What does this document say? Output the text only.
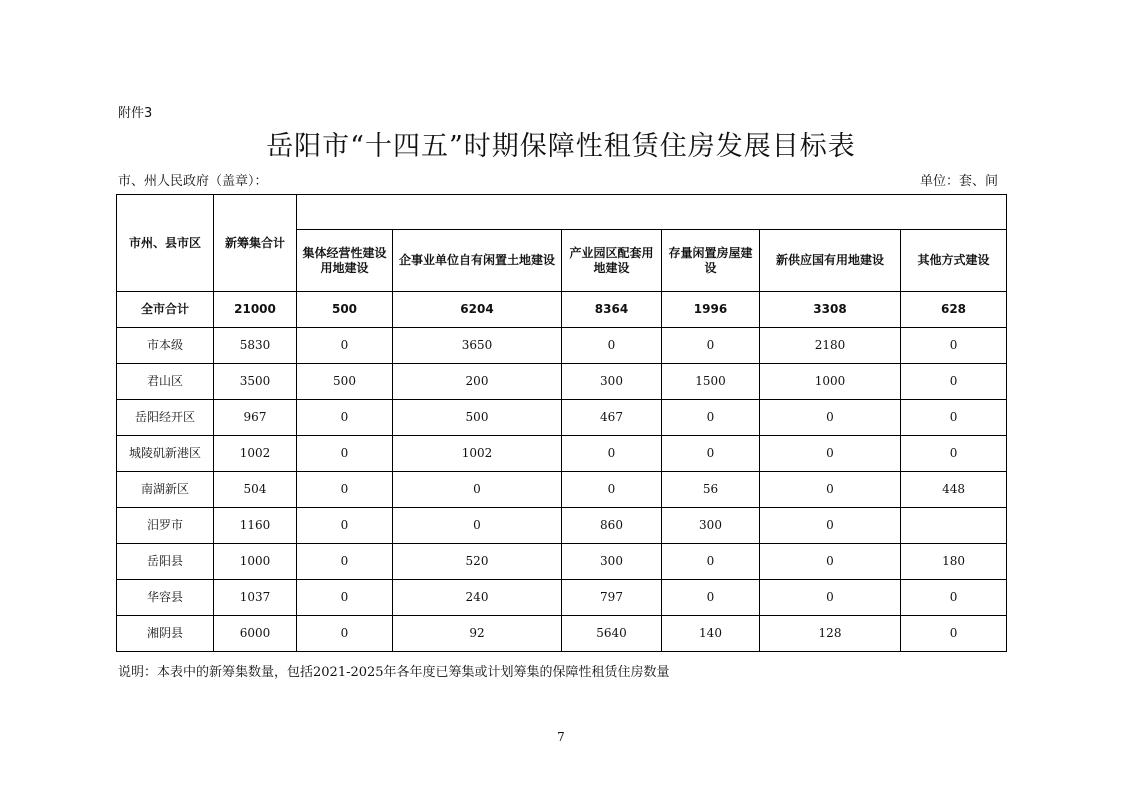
附件3
岳阳市“十四五”时期保障性租赁住房发展目标表
市、州人民政府（盖章）：	单位：套、间
市州、县市区	新筹集合计						
		集体经营性建设用地建设	企事业单位自有闲置土地建设	产业园区配套用地建设	存量闲置房屋建设	新供应国有用地建设	其他方式建设
全市合计	21000	500	6204	8364	1996	3308	628
市本级	5830	0	3650	0	0	2180	0
君山区	3500	500	200	300	1500	1000	0
岳阳经开区	967	0	500	467	0	0	0
城陵矶新港区	1002	0	1002	0	0	0	0
南湖新区	504	0	0	0	56	0	448
汨罗市	1160	0	0	860	300	0	
岳阳县	1000	0	520	300	0	0	180
华容县	1037	0	240	797	0	0	0
湘阴县	6000	0	92	5640	140	128	0
说明：本表中的新筹集数量，包括2021-2025年各年度已筹集或计划筹集的保障性租赁住房数量
7
